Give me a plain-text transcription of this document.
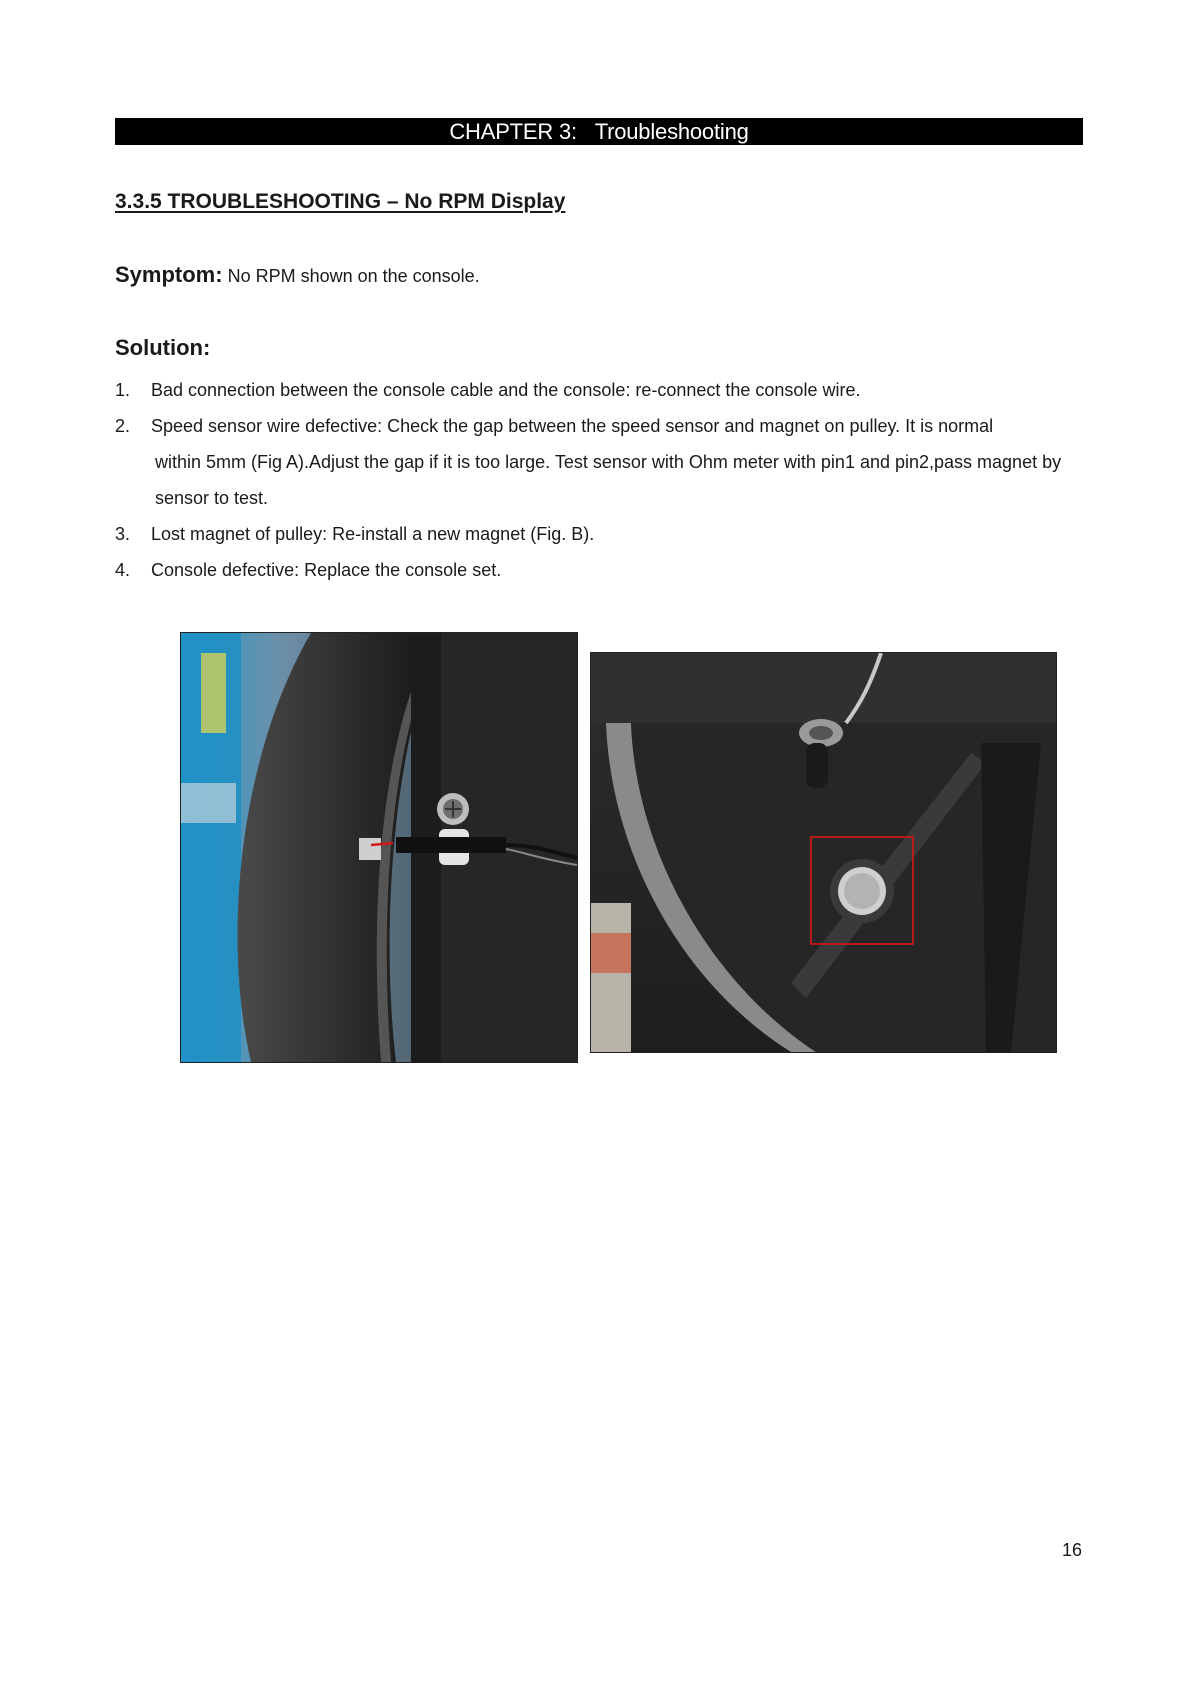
CHAPTER 3: Troubleshooting
3.3.5 TROUBLESHOOTING – No RPM Display
Symptom: No RPM shown on the console.
Solution:
1. Bad connection between the console cable and the console: re-connect the console wire.
2. Speed sensor wire defective: Check the gap between the speed sensor and magnet on pulley. It is normal
within 5mm (Fig A).Adjust the gap if it is too large. Test sensor with Ohm meter with pin1 and pin2,pass magnet by sensor to test.
3. Lost magnet of pulley: Re-install a new magnet (Fig. B).
4. Console defective: Replace the console set.
16
